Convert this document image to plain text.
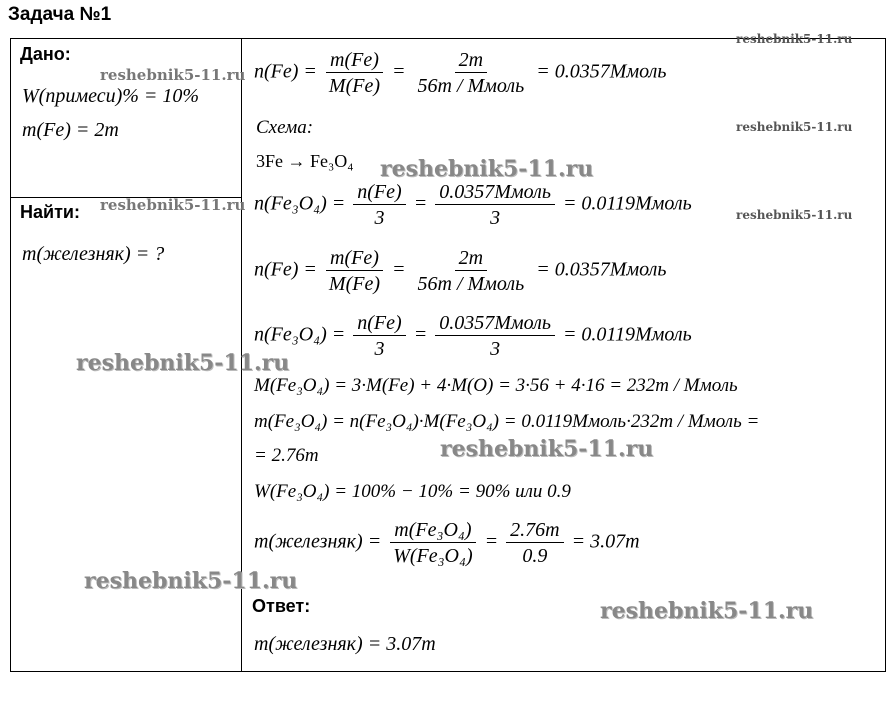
Задача №1
Дано:
W(примеси)% = 10%
m(Fe) = 2т
Найти:
m(железняк) = ?
$n(Fe) = \frac{m(Fe)}{M(Fe)} = \frac{2т}{\text{56т / Ммоль}}$ = 0.0357Ммоль
Схема:
3Fe → Fe₃O₄
$n(Fe_3O_4) = \frac{n(Fe)}{3} = \frac{\text{0.0357Ммоль}}{3}$ = 0.0119Ммоль
$n(Fe) = \frac{m(Fe)}{M(Fe)} = \frac{2т}{\text{56т / Ммоль}}$ = 0.0357Ммоль
$n(Fe_3O_4) = \frac{n(Fe)}{3} = \frac{\text{0.0357Ммоль}}{3}$ = 0.0119Ммоль
M(Fe₃O₄) = 3·M(Fe) + 4·M(O) = 3·56 + 4·16 = 232т / Ммоль
m(Fe₃O₄) = n(Fe₃O₄)·M(Fe₃O₄) = 0.0119Ммоль·232т / Ммоль =
= 2.76т
W(Fe₃O₄) = 100% − 10% = 90% или 0.9
m(железняк) = $\frac{\text{m(Fe₃O₄)}}{\text{W(Fe₃O₄)}} = \frac{2.76т}{0.9} = 3.07т$
Ответ:
m(железняк) = 3.07т
reshebnik5-11.ru
reshebnik5-11.ru
reshebnik5-11.ru
reshebnik5-11.ru
reshebnik5-11.ru
reshebnik5-11.ru
reshebnik5-11.ru
reshebnik5-11.ru
reshebnik5-11.ru
reshebnik5-11.ru
